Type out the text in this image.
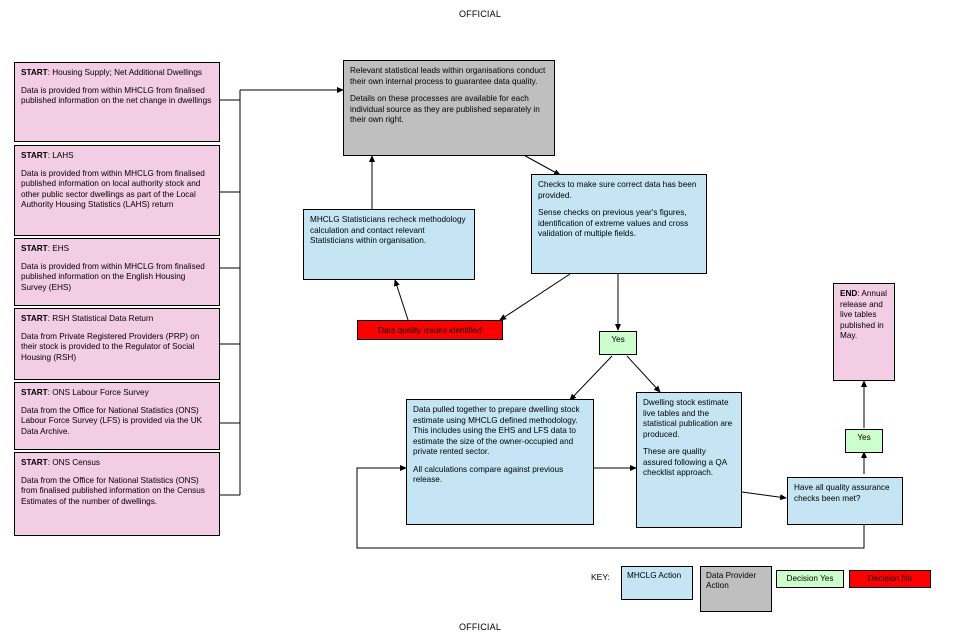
OFFICIAL
OFFICIAL

START: Housing Supply; Net Additional Dwellings

Data is provided from within MHCLG from finalised published information on the net change in dwellings

START: LAHS

Data is provided from within MHCLG from finalised published information on local authority stock and other public sector dwellings as part of the Local Authority Housing Statistics (LAHS) return

START: EHS

Data is provided from within MHCLG from finalised published information on the English Housing Survey (EHS)

START: RSH Statistical Data Return

Data from Private Registered Providers (PRP) on their stock is provided to the Regulator of Social Housing (RSH)

START: ONS Labour Force Survey

Data from the Office for National Statistics (ONS) Labour Force Survey (LFS) is provided via the UK Data Archive.

START: ONS Census

Data from the Office for National Statistics (ONS) from finalised published information on the Census Estimates of the number of dwellings.

Relevant statistical leads within organisations conduct their own internal process to guarantee data quality.

Details on these processes are available for each individual source as they are published separately in their own right.

Checks to make sure correct data has been provided.

Sense checks on previous year's figures, identification of extreme values and cross validation of multiple fields.

MHCLG Statisticians recheck methodology calculation and contact relevant Statisticians within organisation.

Data quality issues identified
Yes

Data pulled together to prepare dwelling stock estimate using MHCLG defined methodology. This includes using the EHS and LFS data to estimate the size of the owner-occupied and private rented sector.

All calculations compare against previous release.

Dwelling stock estimate live tables and the statistical publication are produced.

These are quality assured following a QA checklist approach.

Have all quality assurance checks been met?

Yes

END: Annual release and live tables published in May.

KEY:	MHCLG Action	Data Provider Action
Decision Yes	Decision No
